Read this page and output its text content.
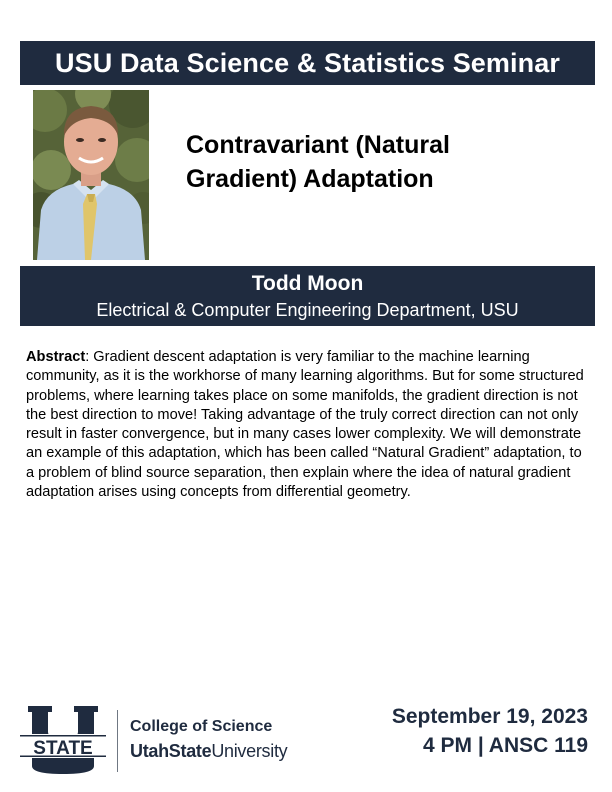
USU Data Science & Statistics Seminar
Contravariant (Natural Gradient) Adaptation
Todd Moon
Electrical & Computer Engineering Department, USU

Abstract: Gradient descent adaptation is very familiar to the machine learning community, as it is the workhorse of many learning algorithms. But for some structured problems, where learning takes place on some manifolds, the gradient direction is not the best direction to move! Taking advantage of the truly correct direction can not only result in faster convergence, but in many cases lower complexity. We will demonstrate an example of this adaptation, which has been called “Natural Gradient” adaptation, to a problem of blind source separation, then explain where the idea of natural gradient adaptation arises using concepts from differential geometry.

STATE
College of Science
UtahStateUniversity
September 19, 2023
4 PM | ANSC 119
